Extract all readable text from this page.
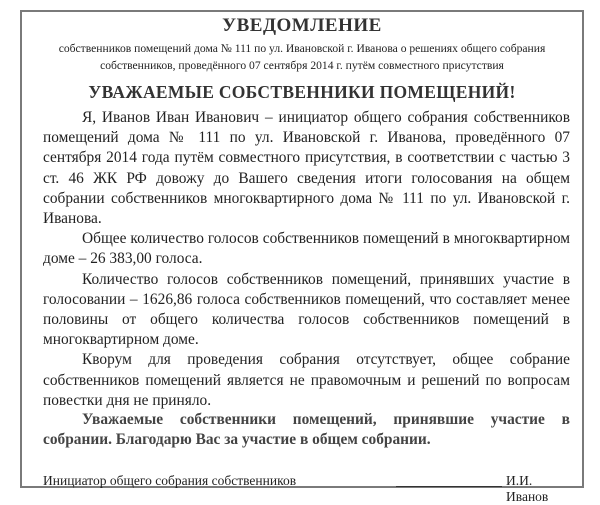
УВЕДОМЛЕНИЕ
собственников помещений дома № 111 по ул. Ивановской г. Иванова о решениях общего собрания
собственников, проведённого 07 сентября 2014 г. путём совместного присутствия
УВАЖАЕМЫЕ СОБСТВЕННИКИ ПОМЕЩЕНИЙ!

Я, Иванов Иван Иванович – инициатор общего собрания собственников помещений дома № 111 по ул. Ивановской г. Иванова, проведённого 07 сентября 2014 года путём совместного присутствия, в соответствии с частью 3 ст. 46 ЖК РФ довожу до Вашего сведения итоги голосования на общем собрании собственников многоквартирного дома № 111 по ул. Ивановской г. Иванова.

Общее количество голосов собственников помещений в многоквартирном доме – 26 383,00 голоса.

Количество голосов собственников помещений, принявших участие в голосовании – 1626,86 голоса собственников помещений, что составляет менее половины от общего количества голосов собственников помещений в многоквартирном доме.

Кворум для проведения собрания отсутствует, общее собрание собственников помещений является не правомочным и решений по вопросам повестки дня не приняло.

Уважаемые собственники помещений, принявшие участие в собрании. Благодарю Вас за участие в общем собрании.
Инициатор общего собрания собственников	И.И. Иванов
